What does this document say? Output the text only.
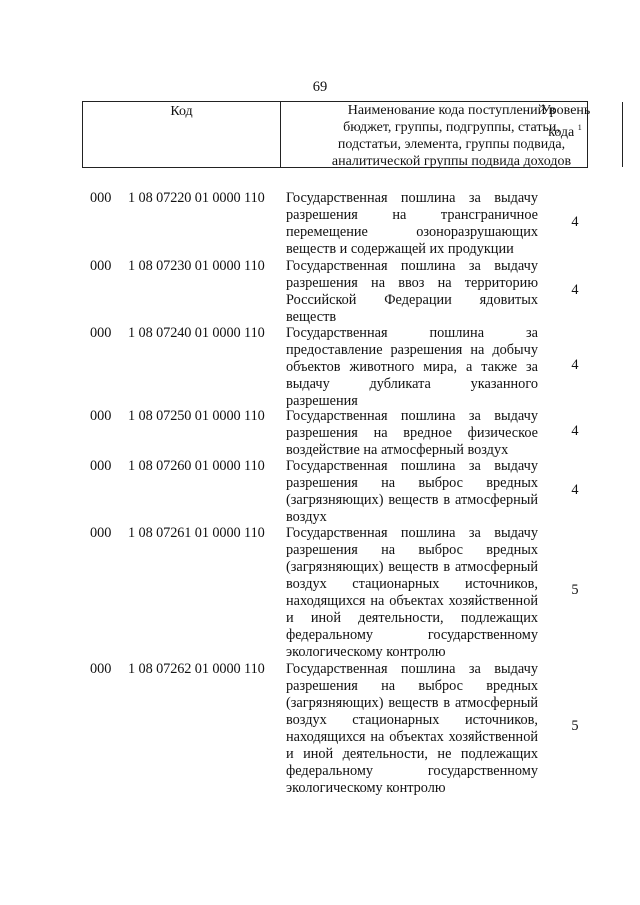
69
Код	Наименование кода поступлений в
бюджет, группы, подгруппы, статьи,
подстатьи, элемента, группы подвида,
аналитической группы подвида доходов
Уровень
кода $^1$
000 1 08 07220 01 0000 110 Государственная пошлина за выдачу
разрешения на трансграничное
перемещение озоноразрушающих
веществ и содержащей их продукции
4
000 1 08 07230 01 0000 110 Государственная пошлина за выдачу
разрешения на ввоз на территорию
Российской Федерации ядовитых
веществ
4
000 1 08 07240 01 0000 110 Государственная пошлина за
предоставление разрешения на добычу
объектов животного мира, а также за
выдачу дубликата указанного
разрешения
4
000 1 08 07250 01 0000 110 Государственная пошлина за выдачу
разрешения на вредное физическое
воздействие на атмосферный воздух
4
000 1 08 07260 01 0000 110 Государственная пошлина за выдачу
разрешения на выброс вредных
(загрязняющих) веществ в атмосферный
воздух
4
000 1 08 07261 01 0000 110 Государственная пошлина за выдачу
разрешения на выброс вредных
(загрязняющих) веществ в атмосферный
воздух стационарных источников,
находящихся на объектах хозяйственной
и иной деятельности, подлежащих
федеральному государственному
экологическому контролю
5
000 1 08 07262 01 0000 110 Государственная пошлина за выдачу
разрешения на выброс вредных
(загрязняющих) веществ в атмосферный
воздух стационарных источников,
находящихся на объектах хозяйственной
и иной деятельности, не подлежащих
федеральному государственному
экологическому контролю
5
